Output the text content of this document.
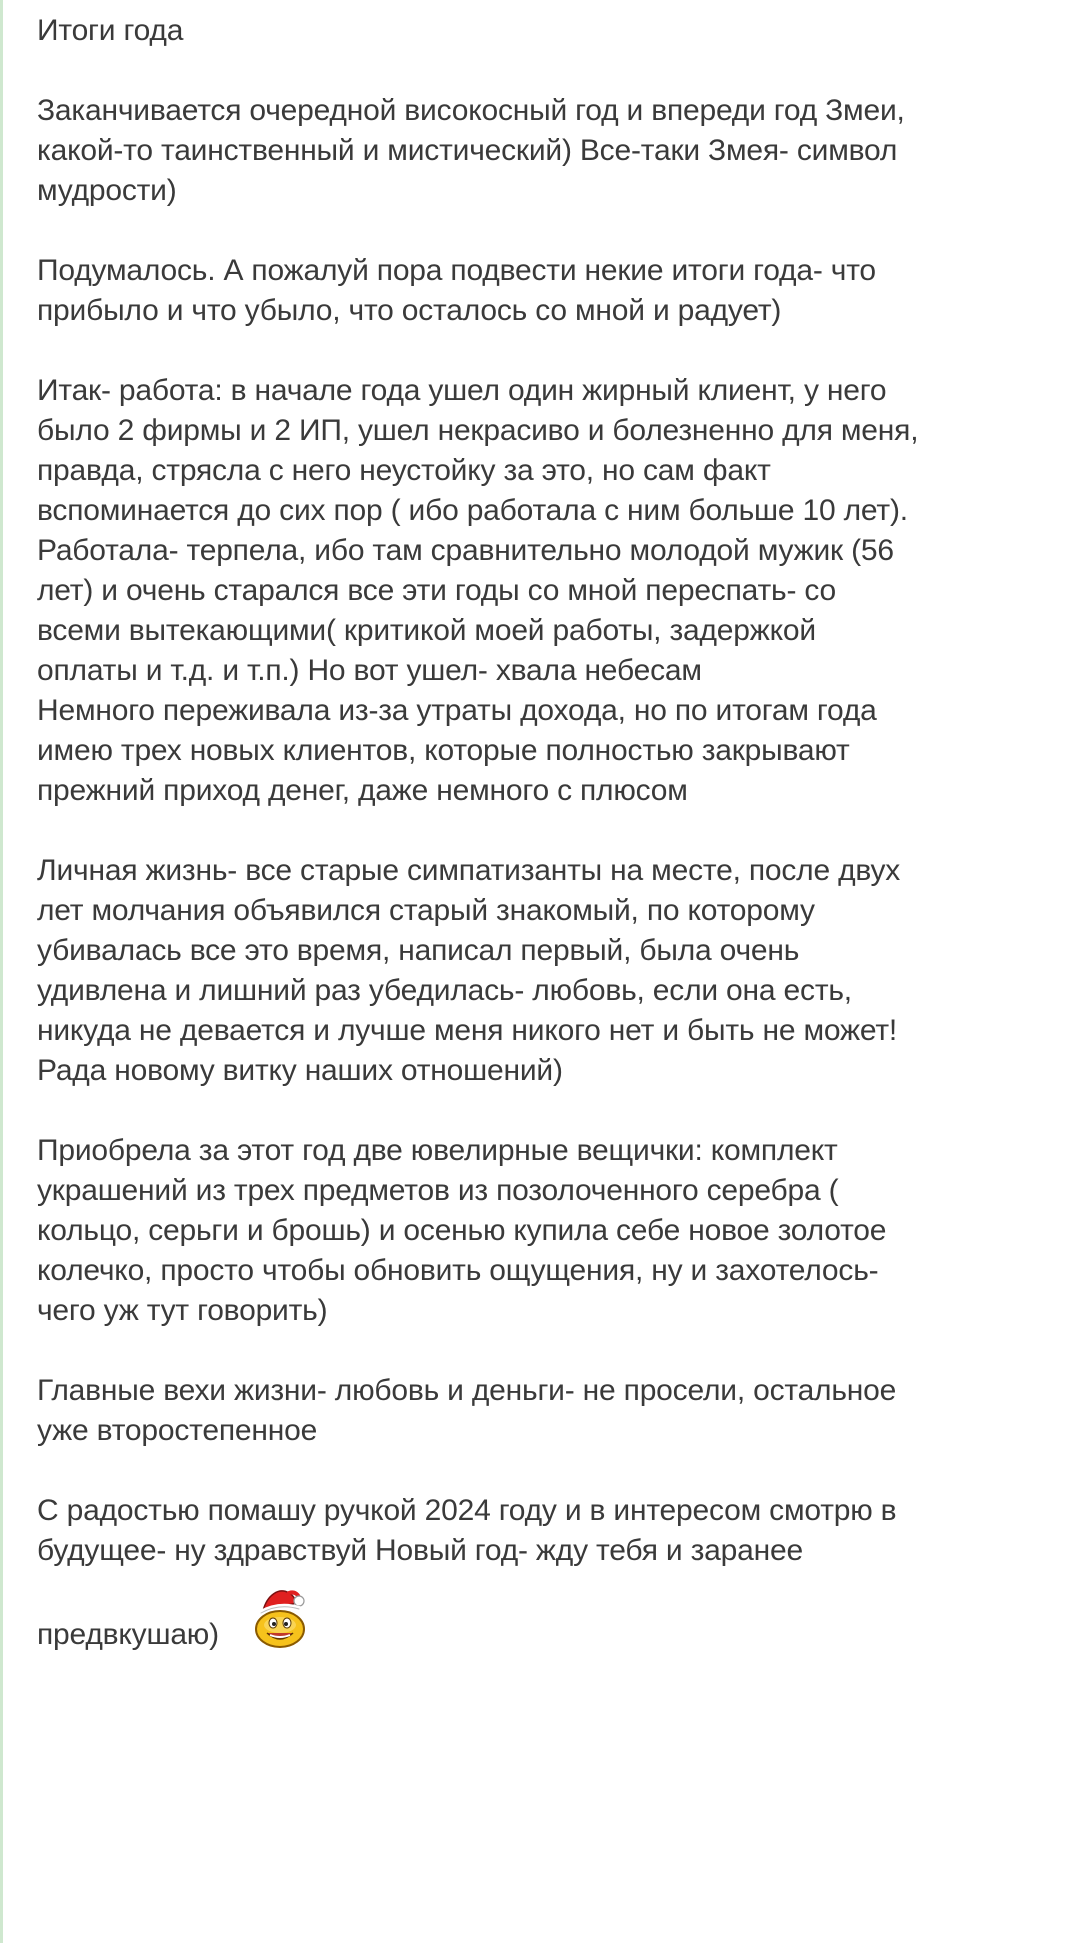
Итоги года

Заканчивается очередной високосный год и впереди год Змеи,
какой-то таинственный и мистический) Все-таки Змея- символ
мудрости)

Подумалось. А пожалуй пора подвести некие итоги года- что
прибыло и что убыло, что осталось со мной и радует)

Итак- работа: в начале года ушел один жирный клиент, у него
было 2 фирмы и 2 ИП, ушел некрасиво и болезненно для меня,
правда, стрясла с него неустойку за это, но сам факт
вспоминается до сих пор ( ибо работала с ним больше 10 лет).
Работала- терпела, ибо там сравнительно молодой мужик (56
лет) и очень старался все эти годы со мной переспать- со
всеми вытекающими( критикой моей работы, задержкой
оплаты и т.д. и т.п.) Но вот ушел- хвала небесам
Немного переживала из-за утраты дохода, но по итогам года
имею трех новых клиентов, которые полностью закрывают
прежний приход денег, даже немного с плюсом

Личная жизнь- все старые симпатизанты на месте, после двух
лет молчания объявился старый знакомый, по которому
убивалась все это время, написал первый, была очень
удивлена и лишний раз убедилась- любовь, если она есть,
никуда не девается и лучше меня никого нет и быть не может!
Рада новому витку наших отношений)

Приобрела за этот год две ювелирные вещички: комплект
украшений из трех предметов из позолоченного серебра (
кольцо, серьги и брошь) и осенью купила себе новое золотое
колечко, просто чтобы обновить ощущения, ну и захотелось-
чего уж тут говорить)

Главные вехи жизни- любовь и деньги- не просели, остальное
уже второстепенное

С радостью помашу ручкой 2024 году и в интересом смотрю в
будущее- ну здравствуй Новый год- жду тебя и заранее
предвкушаю)
